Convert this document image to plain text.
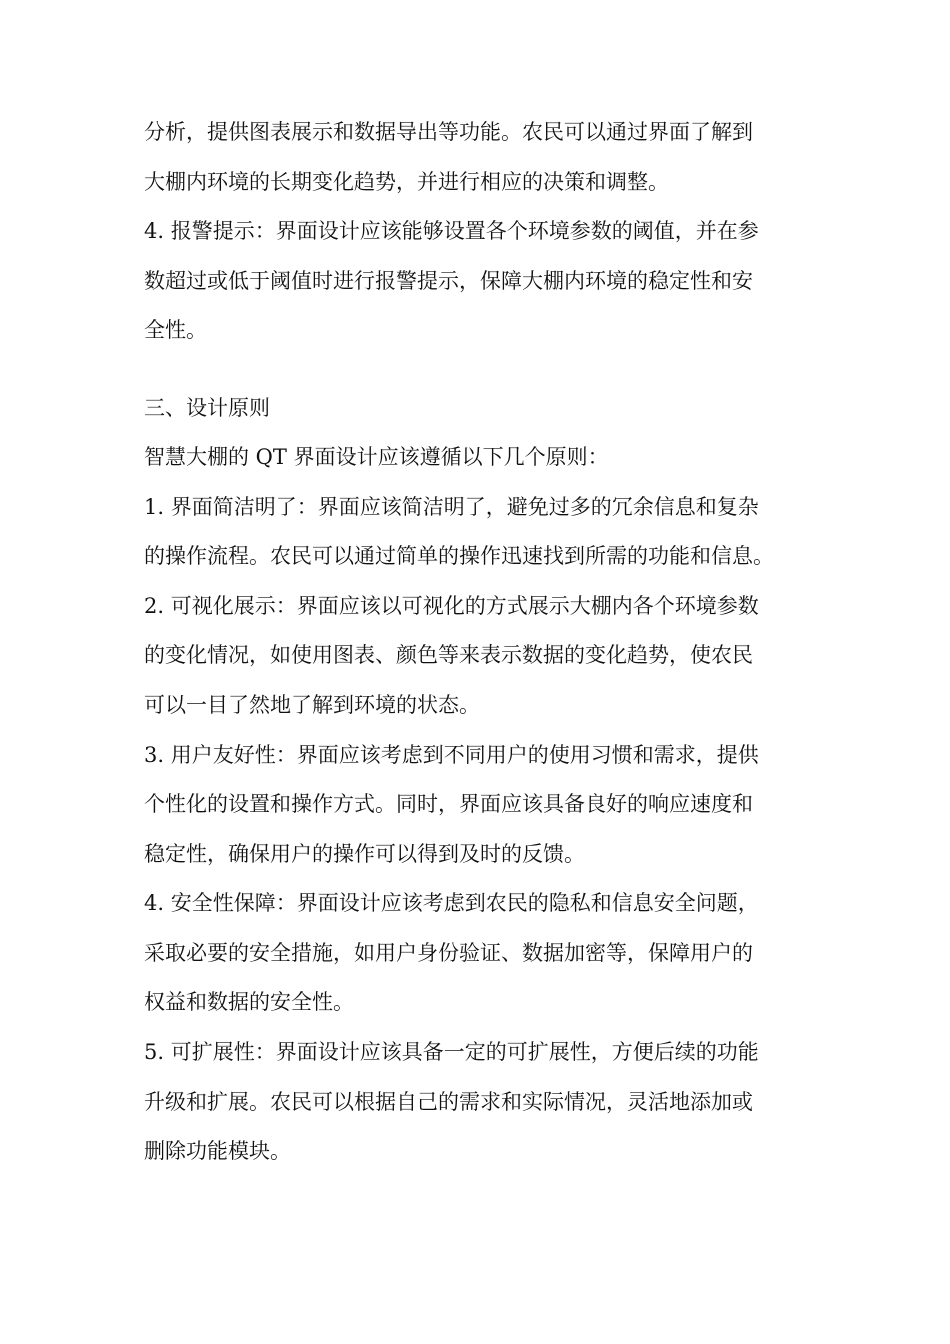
分析，提供图表展示和数据导出等功能。农民可以通过界面了解到
大棚内环境的长期变化趋势，并进行相应的决策和调整。
4. 报警提示：界面设计应该能够设置各个环境参数的阈值，并在参
数超过或低于阈值时进行报警提示，保障大棚内环境的稳定性和安
全性。
三、设计原则
智慧大棚的 QT 界面设计应该遵循以下几个原则：
1. 界面简洁明了：界面应该简洁明了，避免过多的冗余信息和复杂
的操作流程。农民可以通过简单的操作迅速找到所需的功能和信息。
2. 可视化展示：界面应该以可视化的方式展示大棚内各个环境参数
的变化情况，如使用图表、颜色等来表示数据的变化趋势，使农民
可以一目了然地了解到环境的状态。
3. 用户友好性：界面应该考虑到不同用户的使用习惯和需求，提供
个性化的设置和操作方式。同时，界面应该具备良好的响应速度和
稳定性，确保用户的操作可以得到及时的反馈。
4. 安全性保障：界面设计应该考虑到农民的隐私和信息安全问题，
采取必要的安全措施，如用户身份验证、数据加密等，保障用户的
权益和数据的安全性。
5. 可扩展性：界面设计应该具备一定的可扩展性，方便后续的功能
升级和扩展。农民可以根据自己的需求和实际情况，灵活地添加或
删除功能模块。
